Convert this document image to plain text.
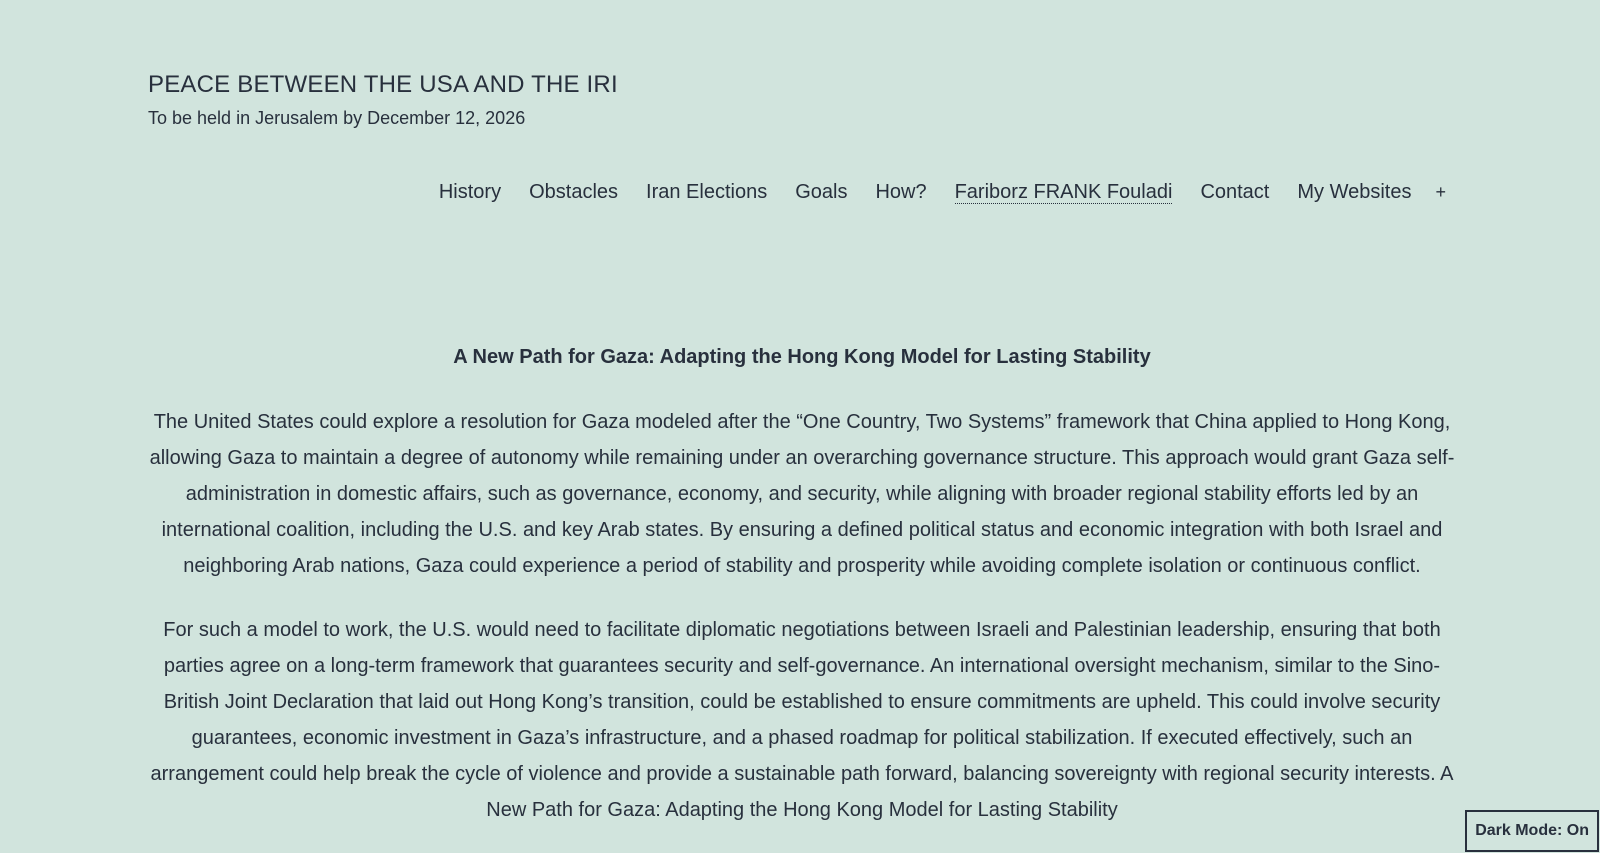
PEACE BETWEEN THE USA AND THE IRI

To be held in Jerusalem by December 12, 2026

History	Obstacles	Iran Elections	Goals	How?	Fariborz FRANK Fouladi	Contact	My Websites	+
A New Path for Gaza: Adapting the Hong Kong Model for Lasting Stability

The United States could explore a resolution for Gaza modeled after the “One Country, Two Systems” framework that China applied to Hong Kong, allowing Gaza to maintain a degree of autonomy while remaining under an overarching governance structure. This approach would grant Gaza self-administration in domestic affairs, such as governance, economy, and security, while aligning with broader regional stability efforts led by an international coalition, including the U.S. and key Arab states. By ensuring a defined political status and economic integration with both Israel and neighboring Arab nations, Gaza could experience a period of stability and prosperity while avoiding complete isolation or continuous conflict.

For such a model to work, the U.S. would need to facilitate diplomatic negotiations between Israeli and Palestinian leadership, ensuring that both parties agree on a long-term framework that guarantees security and self-governance. An international oversight mechanism, similar to the Sino-British Joint Declaration that laid out Hong Kong’s transition, could be established to ensure commitments are upheld. This could involve security guarantees, economic investment in Gaza’s infrastructure, and a phased roadmap for political stabilization. If executed effectively, such an arrangement could help break the cycle of violence and provide a sustainable path forward, balancing sovereignty with regional security interests. A New Path for Gaza: Adapting the Hong Kong Model for Lasting Stability

Dark Mode: On
